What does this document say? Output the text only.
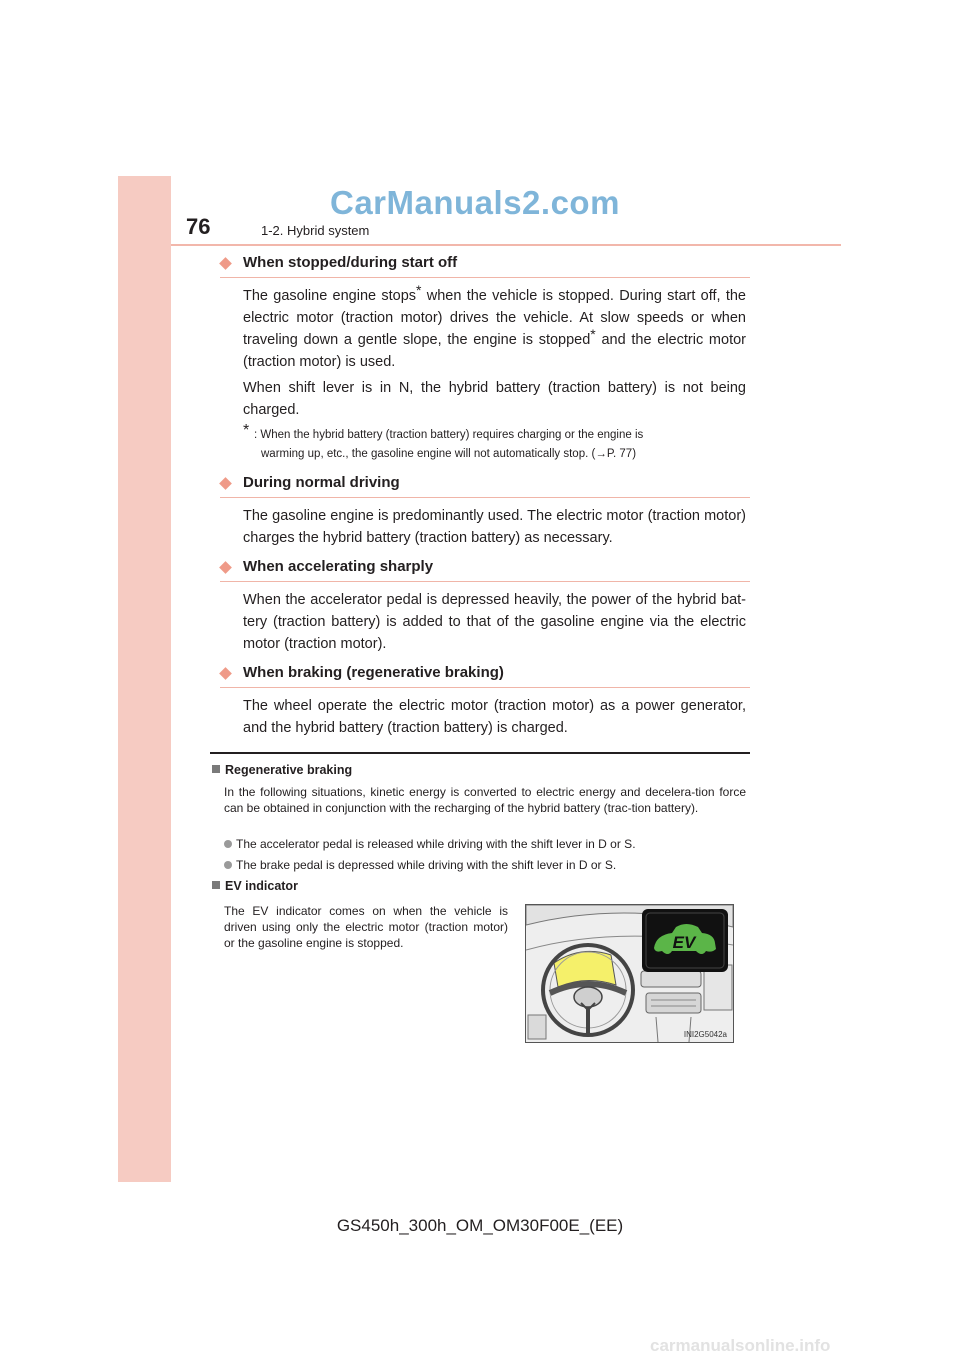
CarManuals2.com
76	1-2. Hybrid system
When stopped/during start off

The gasoline engine stops* when the vehicle is stopped. During start off, the electric motor (traction motor) drives the vehicle. At slow speeds or when traveling down a gentle slope, the engine is stopped* and the electric motor (traction motor) is used.

When shift lever is in N, the hybrid battery (traction battery) is not being charged.

* : When the hybrid battery (traction battery) requires charging or the engine is
warming up, etc., the gasoline engine will not automatically stop. (→P. 77)
During normal driving

The gasoline engine is predominantly used. The electric motor (traction motor) charges the hybrid battery (traction battery) as necessary.

When accelerating sharply

When the accelerator pedal is depressed heavily, the power of the hybrid bat-tery (traction battery) is added to that of the gasoline engine via the electric motor (traction motor).

When braking (regenerative braking)

The wheel operate the electric motor (traction motor) as a power generator, and the hybrid battery (traction battery) is charged.

Regenerative braking

In the following situations, kinetic energy is converted to electric energy and decelera-tion force can be obtained in conjunction with the recharging of the hybrid battery (trac-tion battery).

The accelerator pedal is released while driving with the shift lever in D or S.
The brake pedal is depressed while driving with the shift lever in D or S.
EV indicator

The EV indicator comes on when the vehicle is driven using only the electric motor (traction motor) or the gasoline engine is stopped.	EV
INI2G5042a
GS450h_300h_OM_OM30F00E_(EE)
carmanualsonline.info
